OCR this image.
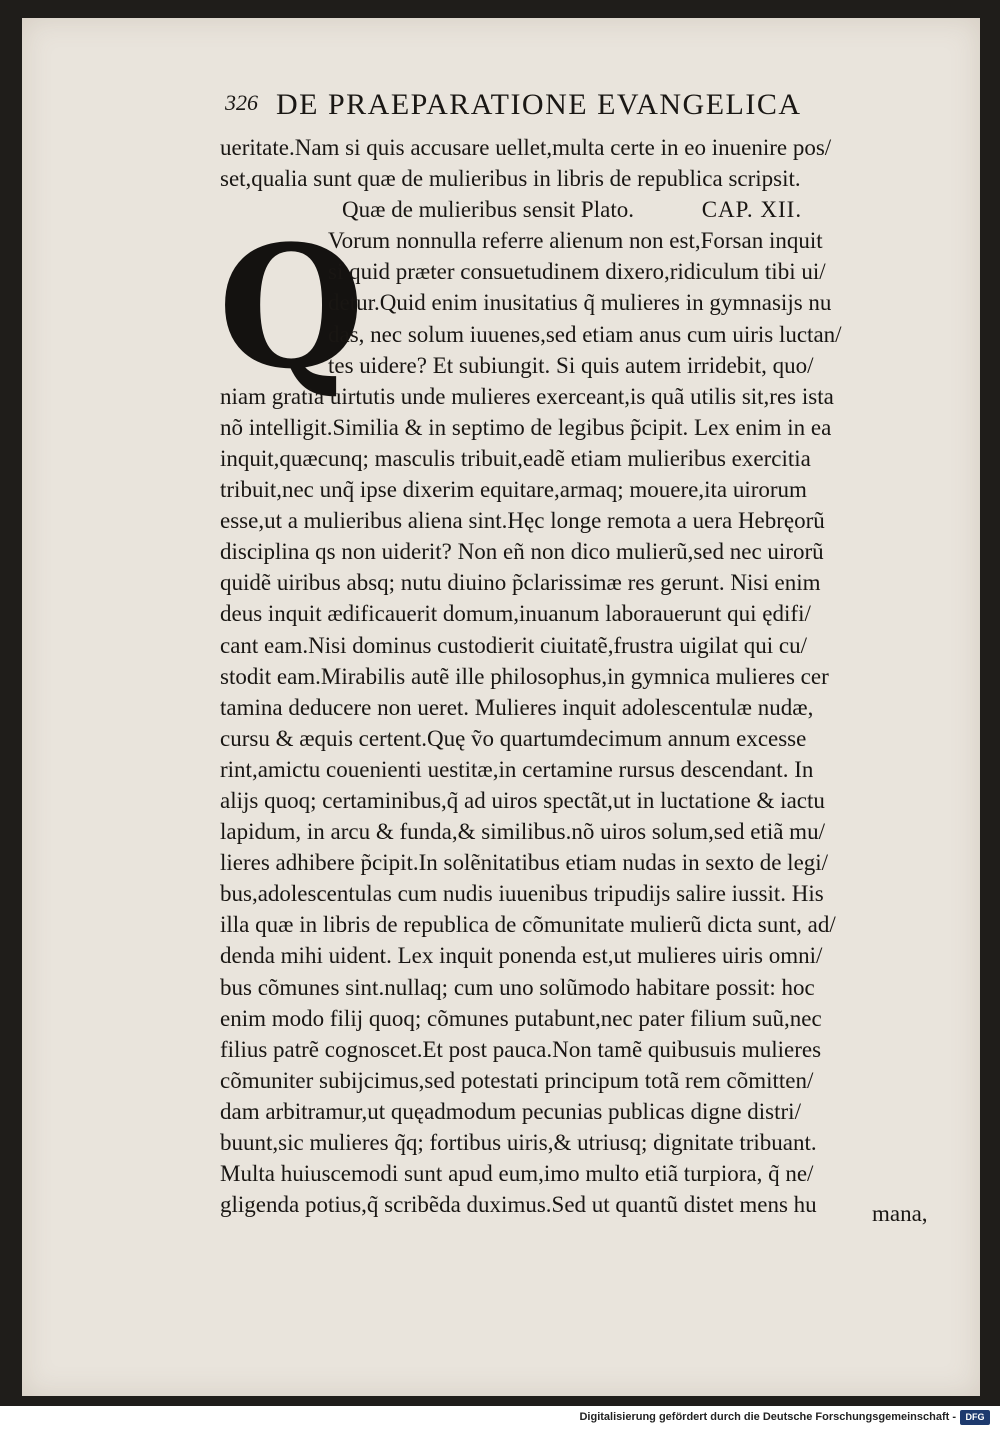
326 DE PRAEPARATIONE EVANGELICA
Q
ueritate.Nam si quis accusare uellet,multa certe in eo inuenire pos/
set,qualia sunt quæ de mulieribus in libris de republica scripsit.
Quæ de mulieribus sensit Plato.	CAP. XII.
Vorum nonnulla referre alienum non est,Forsan inquit
si quid præter consuetudinem dixero,ridiculum tibi ui/
detur.Quid enim inusitatius q̃ mulieres in gymnasijs nu
das, nec solum iuuenes,sed etiam anus cum uiris luctan/
tes uidere? Et subiungit. Si quis autem irridebit, quo/
niam gratia uirtutis unde mulieres exerceant,is quã utilis sit,res ista
nõ intelligit.Similia & in septimo de legibus p̃cipit. Lex enim in ea
inquit,quæcunq; masculis tribuit,eadẽ etiam mulieribus exercitia
tribuit,nec unq̃ ipse dixerim equitare,armaq; mouere,ita uirorum
esse,ut a mulieribus aliena sint.Hęc longe remota a uera Hebręorũ
disciplina qs non uiderit? Non eñ non dico mulierũ,sed nec uirorũ
quidẽ uiribus absq; nutu diuino p̃clarissimæ res gerunt. Nisi enim
deus inquit ædificauerit domum,inuanum laborauerunt qui ędifi/
cant eam.Nisi dominus custodierit ciuitatẽ,frustra uigilat qui cu/
stodit eam.Mirabilis autẽ ille philosophus,in gymnica mulieres cer
tamina deducere non ueret. Mulieres inquit adolescentulæ nudæ,
cursu & æquis certent.Quę ṽo quartumdecimum annum excesse
rint,amictu couenienti uestitæ,in certamine rursus descendant. In
alijs quoq; certaminibus,q̃ ad uiros spectãt,ut in luctatione & iactu
lapidum, in arcu & funda,& similibus.nõ uiros solum,sed etiã mu/
lieres adhibere p̃cipit.In solẽnitatibus etiam nudas in sexto de legi/
bus,adolescentulas cum nudis iuuenibus tripudijs salire iussit. His
illa quæ in libris de republica de cõmunitate mulierũ dicta sunt, ad/
denda mihi uident. Lex inquit ponenda est,ut mulieres uiris omni/
bus cõmunes sint.nullaq; cum uno solũmodo habitare possit: hoc
enim modo filij quoq; cõmunes putabunt,nec pater filium suũ,nec
filius patrẽ cognoscet.Et post pauca.Non tamẽ quibusuis mulieres
cõmuniter subijcimus,sed potestati principum totã rem cõmitten/
dam arbitramur,ut quęadmodum pecunias publicas digne distri/
buunt,sic mulieres q̃q; fortibus uiris,& utriusq; dignitate tribuant.
Multa huiuscemodi sunt apud eum,imo multo etiã turpiora, q̃ ne/
gligenda potius,q̃ scribẽda duximus.Sed ut quantũ distet mens hu	mana,
Digitalisierung gefördert durch die Deutsche Forschungsgemeinschaft -	DFG
